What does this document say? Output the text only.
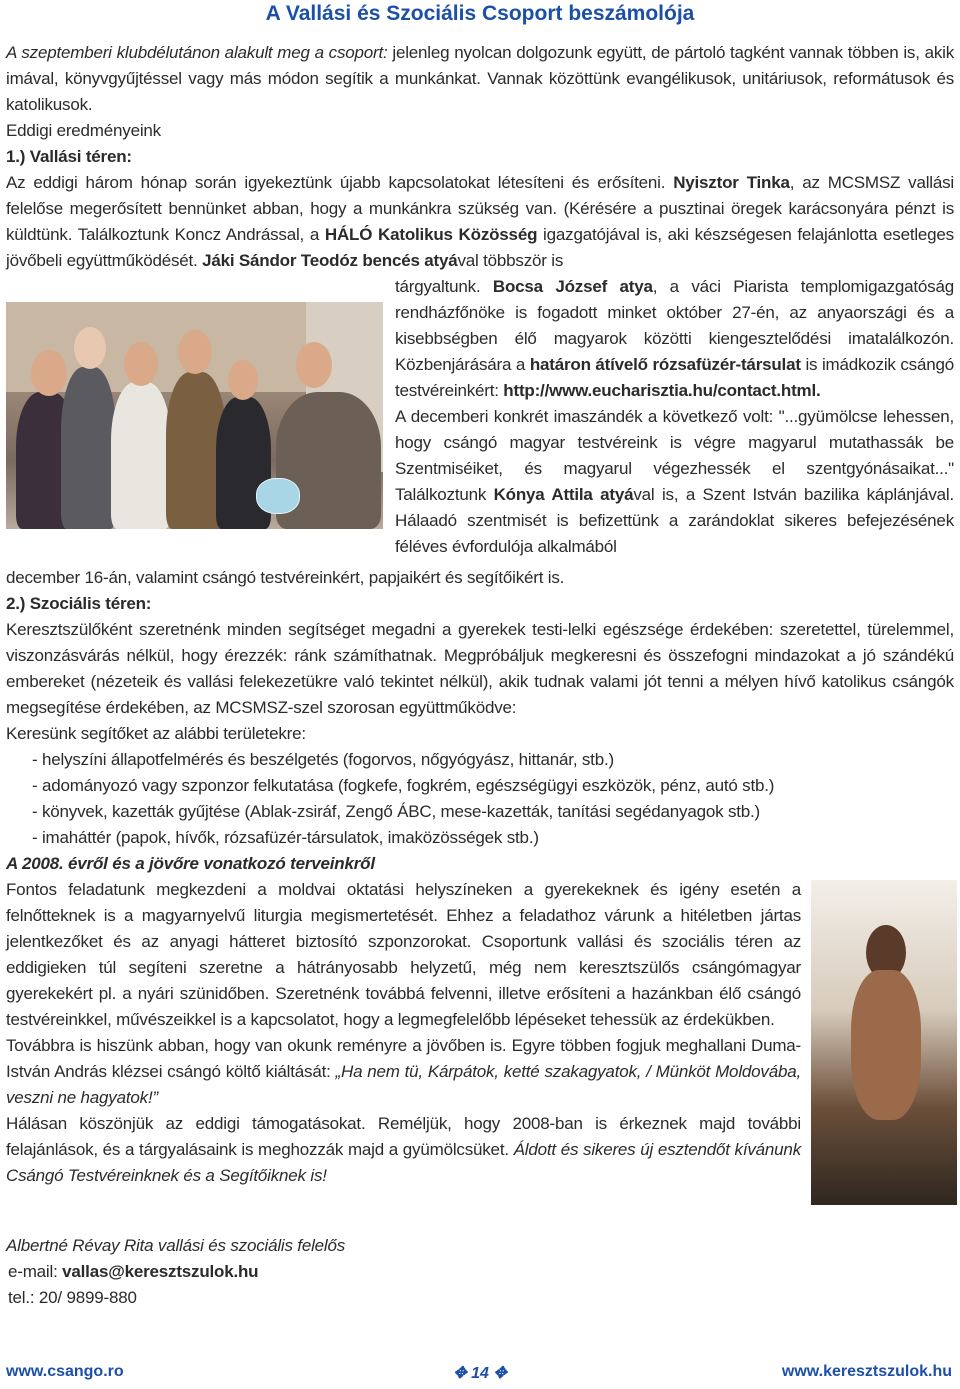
A Vallási és Szociális Csoport beszámolója
A szeptemberi klubdélutánon alakult meg a csoport: jelenleg nyolcan dolgozunk együtt, de pártoló tagként vannak többen is, akik imával, könyvgyűjtéssel vagy más módon segítik a munkánkat. Vannak közöttünk evangélikusok, unitáriusok, reformátusok és katolikusok.
Eddigi eredményeink
1.) Vallási téren:
Az eddigi három hónap során igyekeztünk újabb kapcsolatokat létesíteni és erősíteni. Nyisztor Tinka, az MCSMSZ vallási felelőse megerősített bennünket abban, hogy a munkánkra szükség van. (Kérésére a pusztinai öregek karácsonyára pénzt is küldtünk. Találkoztunk Koncz Andrással, a HÁLÓ Katolikus Közösség igazgatójával is, aki készségesen felajánlotta esetleges jövőbeli együttműködését. Jáki Sándor Teodóz bencés atyával többször is
tárgyaltunk. Bocsa József atya, a váci Piarista templomigazgatóság rendházfőnöke is fogadott minket október 27-én, az anyaországi és a kisebbségben élő magyarok közötti kiengesztelődési imatalálkozón. Közbenjárására a határon átívelő rózsafüzér-társulat is imádkozik csángó testvéreinkért: http://www.eucharisztia.hu/contact.html.
A decemberi konkrét imaszándék a következő volt: "...gyümölcse lehessen, hogy csángó magyar testvéreink is végre magyarul mutathassák be Szentmiséiket, és magyarul végezhessék el szentgyónásaikat..." Találkoztunk Kónya Attila atyával is, a Szent István bazilika káplánjával. Hálaadó szentmisét is befizettünk a zarándoklat sikeres befejezésének féléves évfordulója alkalmából
december 16-án, valamint csángó testvéreinkért, papjaikért és segítőikért is.
2.) Szociális téren:
Keresztszülőként szeretnénk minden segítséget megadni a gyerekek testi-lelki egészsége érdekében: szeretettel, türelemmel, viszonzásvárás nélkül, hogy érezzék: ránk számíthatnak. Megpróbáljuk megkeresni és összefogni mindazokat a jó szándékú embereket (nézeteik és vallási felekezetükre való tekintet nélkül), akik tudnak valami jót tenni a mélyen hívő katolikus csángók megsegítése érdekében, az MCSMSZ-szel szorosan együttműködve:
Keresünk segítőket az alábbi területekre:
- helyszíni állapotfelmérés és beszélgetés (fogorvos, nőgyógyász, hittanár, stb.)
- adományozó vagy szponzor felkutatása (fogkefe, fogkrém, egészségügyi eszközök, pénz, autó stb.)
- könyvek, kazetták gyűjtése (Ablak-zsiráf, Zengő ÁBC, mese-kazetták, tanítási segédanyagok stb.)
- imaháttér (papok, hívők, rózsafüzér-társulatok, imaközösségek stb.)
A 2008. évről és a jövőre vonatkozó terveinkről
Fontos feladatunk megkezdeni a moldvai oktatási helyszíneken a gyerekeknek és igény esetén a felnőtteknek is a magyarnyelvű liturgia megismertetését. Ehhez a feladathoz várunk a hitéletben jártas jelentkezőket és az anyagi hátteret biztosító szponzorokat. Csoportunk vallási és szociális téren az eddigieken túl segíteni szeretne a hátrányosabb helyzetű, még nem keresztszülős csángómagyar gyerekekért pl. a nyári szünidőben. Szeretnénk továbbá felvenni, illetve erősíteni a hazánkban élő csángó testvéreinkkel, művészeikkel is a kapcsolatot, hogy a legmegfelelőbb lépéseket tehessük az érdekükben.
Továbbra is hiszünk abban, hogy van okunk reményre a jövőben is. Egyre többen fogjuk meghallani Duma-István András klézsei csángó költő kiáltását: „Ha nem tü, Kárpátok, ketté szakagyatok, / Münköt Moldovába, veszni ne hagyatok!”
Hálásan köszönjük az eddigi támogatásokat. Reméljük, hogy 2008-ban is érkeznek majd további felajánlások, és a tárgyalásaink is meghozzák majd a gyümölcsüket. Áldott és sikeres új esztendőt kívánunk Csángó Testvéreinknek és a Segítőiknek is!
Albertné Révay Rita vallási és szociális felelős
e-mail: vallas@keresztszulok.hu
tel.: 20/ 9899-880
www.csango.ro	✥ 14 ✥	www.keresztszulok.hu
